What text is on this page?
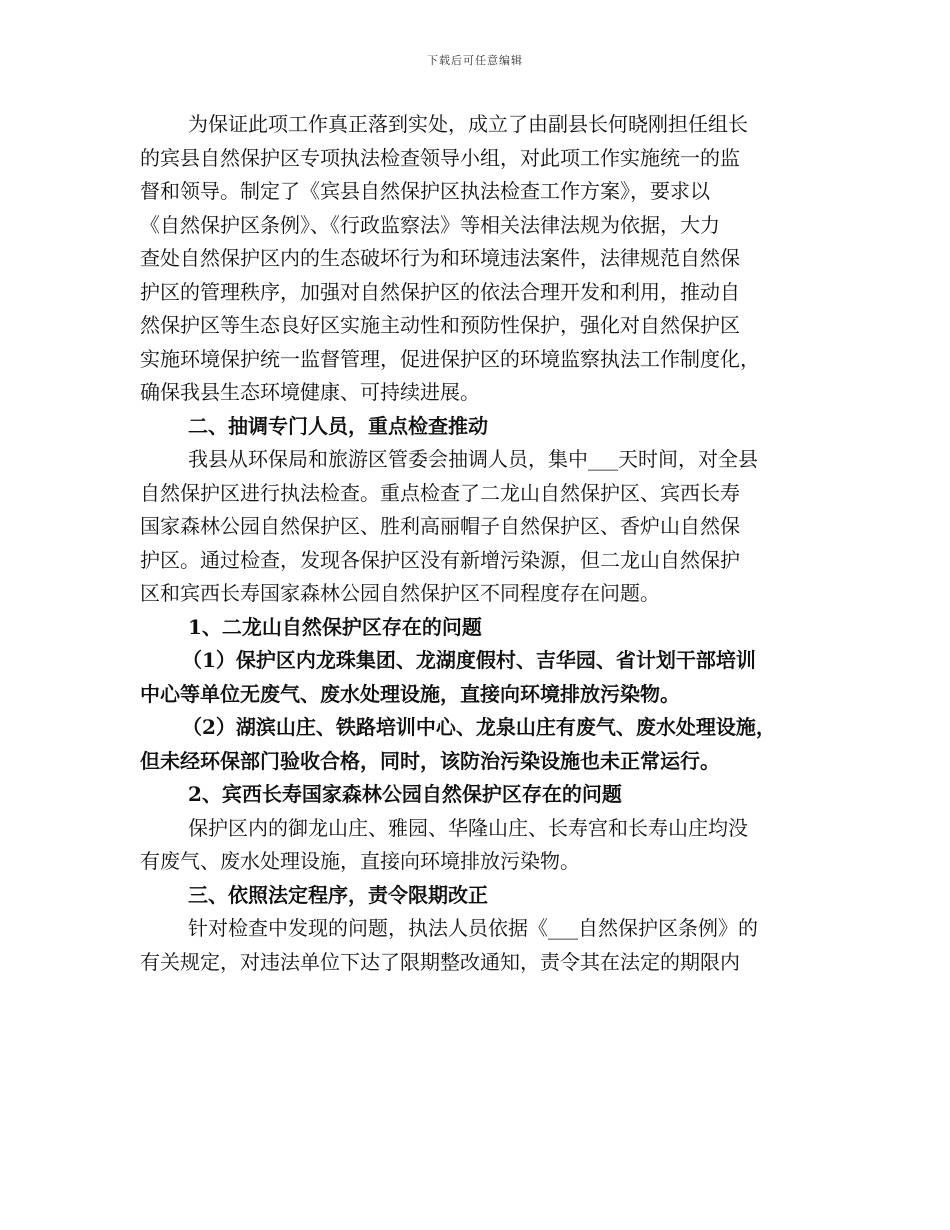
下载后可任意编辑
为保证此项工作真正落到实处，成立了由副县长何晓刚担任组长
的宾县自然保护区专项执法检查领导小组，对此项工作实施统一的监
督和领导。制定了《宾县自然保护区执法检查工作方案》，要求以
《自然保护区条例》、《行政监察法》等相关法律法规为依据，大力
查处自然保护区内的生态破坏行为和环境违法案件，法律规范自然保
护区的管理秩序，加强对自然保护区的依法合理开发和利用，推动自
然保护区等生态良好区实施主动性和预防性保护，强化对自然保护区
实施环境保护统一监督管理，促进保护区的环境监察执法工作制度化，
确保我县生态环境健康、可持续进展。
二、抽调专门人员，重点检查推动
我县从环保局和旅游区管委会抽调人员，集中___天时间，对全县
自然保护区进行执法检查。重点检查了二龙山自然保护区、宾西长寿
国家森林公园自然保护区、胜利高丽帽子自然保护区、香炉山自然保
护区。通过检查，发现各保护区没有新增污染源，但二龙山自然保护
区和宾西长寿国家森林公园自然保护区不同程度存在问题。
1、二龙山自然保护区存在的问题
（1）保护区内龙珠集团、龙湖度假村、吉华园、省计划干部培训
中心等单位无废气、废水处理设施，直接向环境排放污染物。
（2）湖滨山庄、铁路培训中心、龙泉山庄有废气、废水处理设施，
但未经环保部门验收合格，同时，该防治污染设施也未正常运行。
2、宾西长寿国家森林公园自然保护区存在的问题
保护区内的御龙山庄、雅园、华隆山庄、长寿宫和长寿山庄均没
有废气、废水处理设施，直接向环境排放污染物。
三、依照法定程序，责令限期改正
针对检查中发现的问题，执法人员依据《___自然保护区条例》的
有关规定，对违法单位下达了限期整改通知，责令其在法定的期限内
